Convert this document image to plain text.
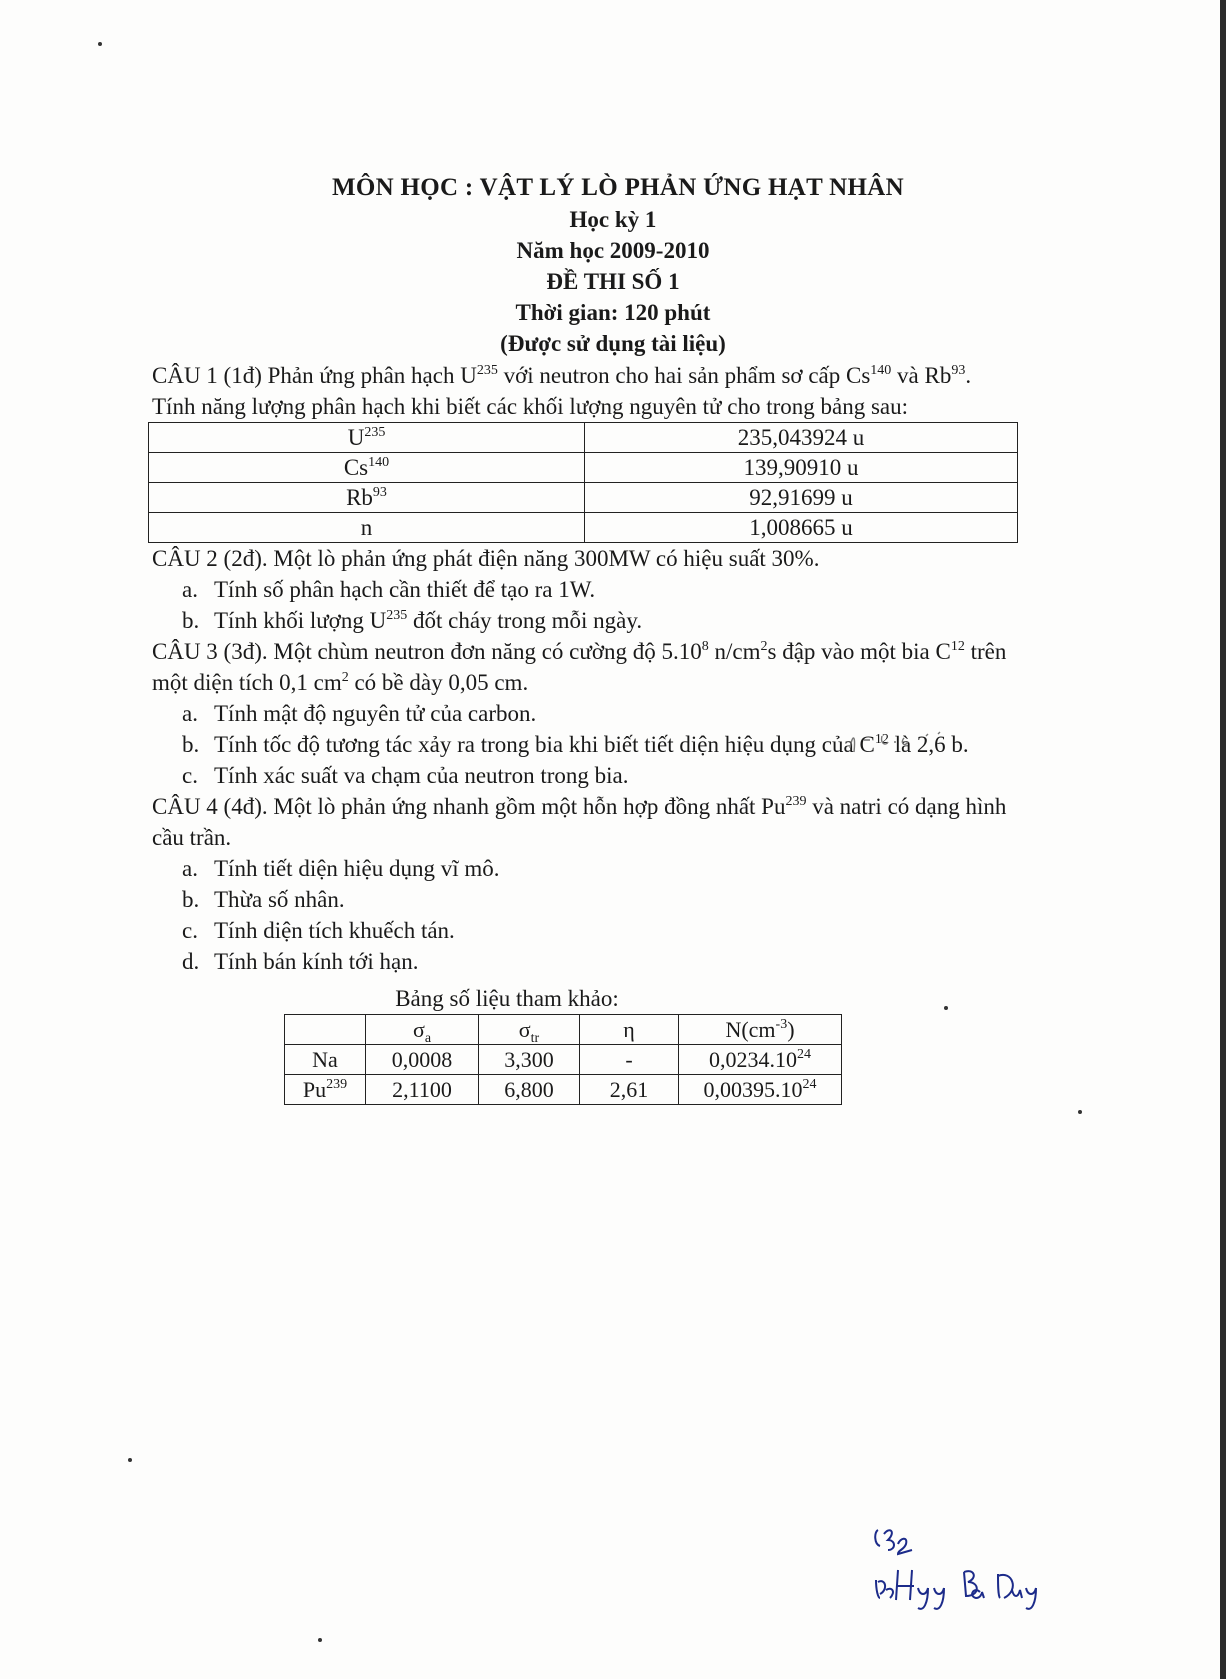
MÔN HỌC : VẬT LÝ LÒ PHẢN ỨNG HẠT NHÂN
Học kỳ 1
Năm học 2009-2010
ĐỀ THI SỐ 1
Thời gian: 120 phút
(Được sử dụng tài liệu)

CÂU 1 (1đ) Phản ứng phân hạch $U^{235}$ với neutron cho hai sản phẩm sơ cấp Cs$^{140}$ và Rb$^{93}$. Tính năng lượng phân hạch khi biết các khối lượng nguyên tử cho trong bảng sau:

$U^{235}$	235,043924 u
Cs$^{140}$	139,90910 u
Rb$^{93}$	92,91699 u
n	1,008665 u

CÂU 2 (2đ). Một lò phản ứng phát điện năng 300MW có hiệu suất 30%.

a. Tính số phân hạch cần thiết để tạo ra 1W.
b. Tính khối lượng $U^{235}$ đốt cháy trong mỗi ngày.

CÂU 3 (3đ). Một chùm neutron đơn năng có cường độ 5.10$^8$ $n/cm^2s$ đập vào một bia $C^{12}$ trên một diện tích 0,1 $cm^2$ có bề dày 0,05 cm.

a. Tính mật độ nguyên tử của carbon.
b. Tính tốc độ tương tác xảy ra trong bia khi biết tiết diện hiệu dụng của $C^{12}$ là 2,6 b.
c. Tính xác suất va chạm của neutron trong bia.

CÂU 4 (4đ). Một lò phản ứng nhanh gồm một hỗn hợp đồng nhất Pu$^{239}$ và natri có dạng hình cầu trần.

a. Tính tiết diện hiệu dụng vĩ mô.
b. Thừa số nhân.
c. Tính diện tích khuếch tán.
d. Tính bán kính tới hạn.
Bảng số liệu tham khảo:
	$\sigma_a$	$\sigma_{tr}$	η	$N(cm^{-3})$
Na	0,0008	3,300	-	0,0234.10$^{24}$
Pu$^{239}$	2,1100	6,800	2,61	0,00395.10$^{24}$
